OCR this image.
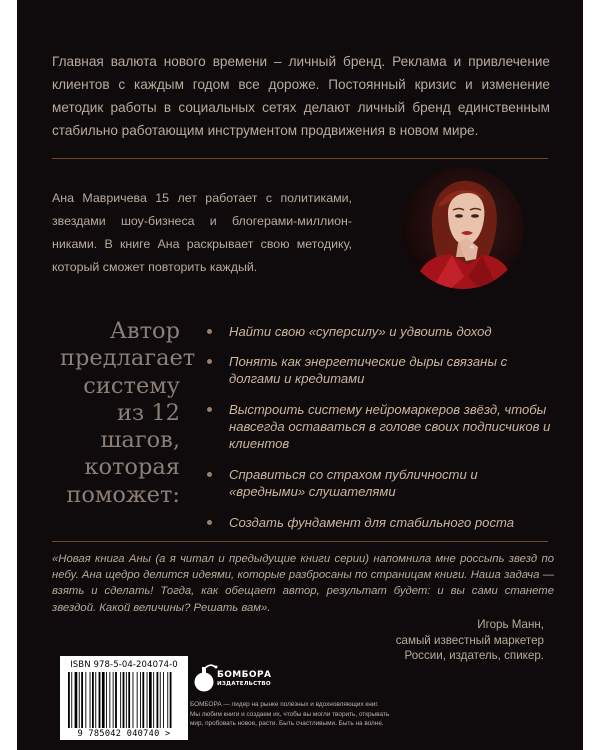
Главная валюта нового времени – личный бренд. Реклама и привлечение клиентов с каждым годом все дороже. Постоянный кризис и изменение методик работы в социальных сетях делают личный бренд единственным стабильно работающим инструментом продвижения в новом мире.

Ана Мавричева 15 лет работает с политиками, звездами шоу-бизнеса и блогерами-миллионниками. В книге Ана раскрывает свою методику, который сможет повторить каждый.

Автор
предлагает
систему
из 12 шагов,
которая
поможет:
Найти свою «суперсилу» и удвоить доход
Понять как энергетические дыры связаны с долгами и кредитами
Выстроить систему нейромаркеров звёзд, чтобы навсегда оставаться в голове своих подписчиков и клиентов
Справиться со страхом публичности и «вредными» слушателями
Создать фундамент для стабильного роста

«Новая книга Аны (а я читал и предыдущие книги серии) напомнила мне россыпь звезд по небу. Ана щедро делится идеями, которые разбросаны по страницам книги. Наша задача — взять и сделать! Тогда, как обещает автор, результат будет: и вы сами станете звездой. Какой величины? Решать вам».

Игорь Манн,
самый известный маркетер
России, издатель, спикер.
ISBN 978-5-04-204074-0
9 785042 040740 >
БОМБОРА
ИЗДАТЕЛЬСТВО
БОМБОРА — лидер на рынке полезных и вдохновляющих книг.
Мы любим книги и создаем их, чтобы вы могли творить, открывать
мир, пробовать новое, расти. Быть счастливыми. Быть на волне.
